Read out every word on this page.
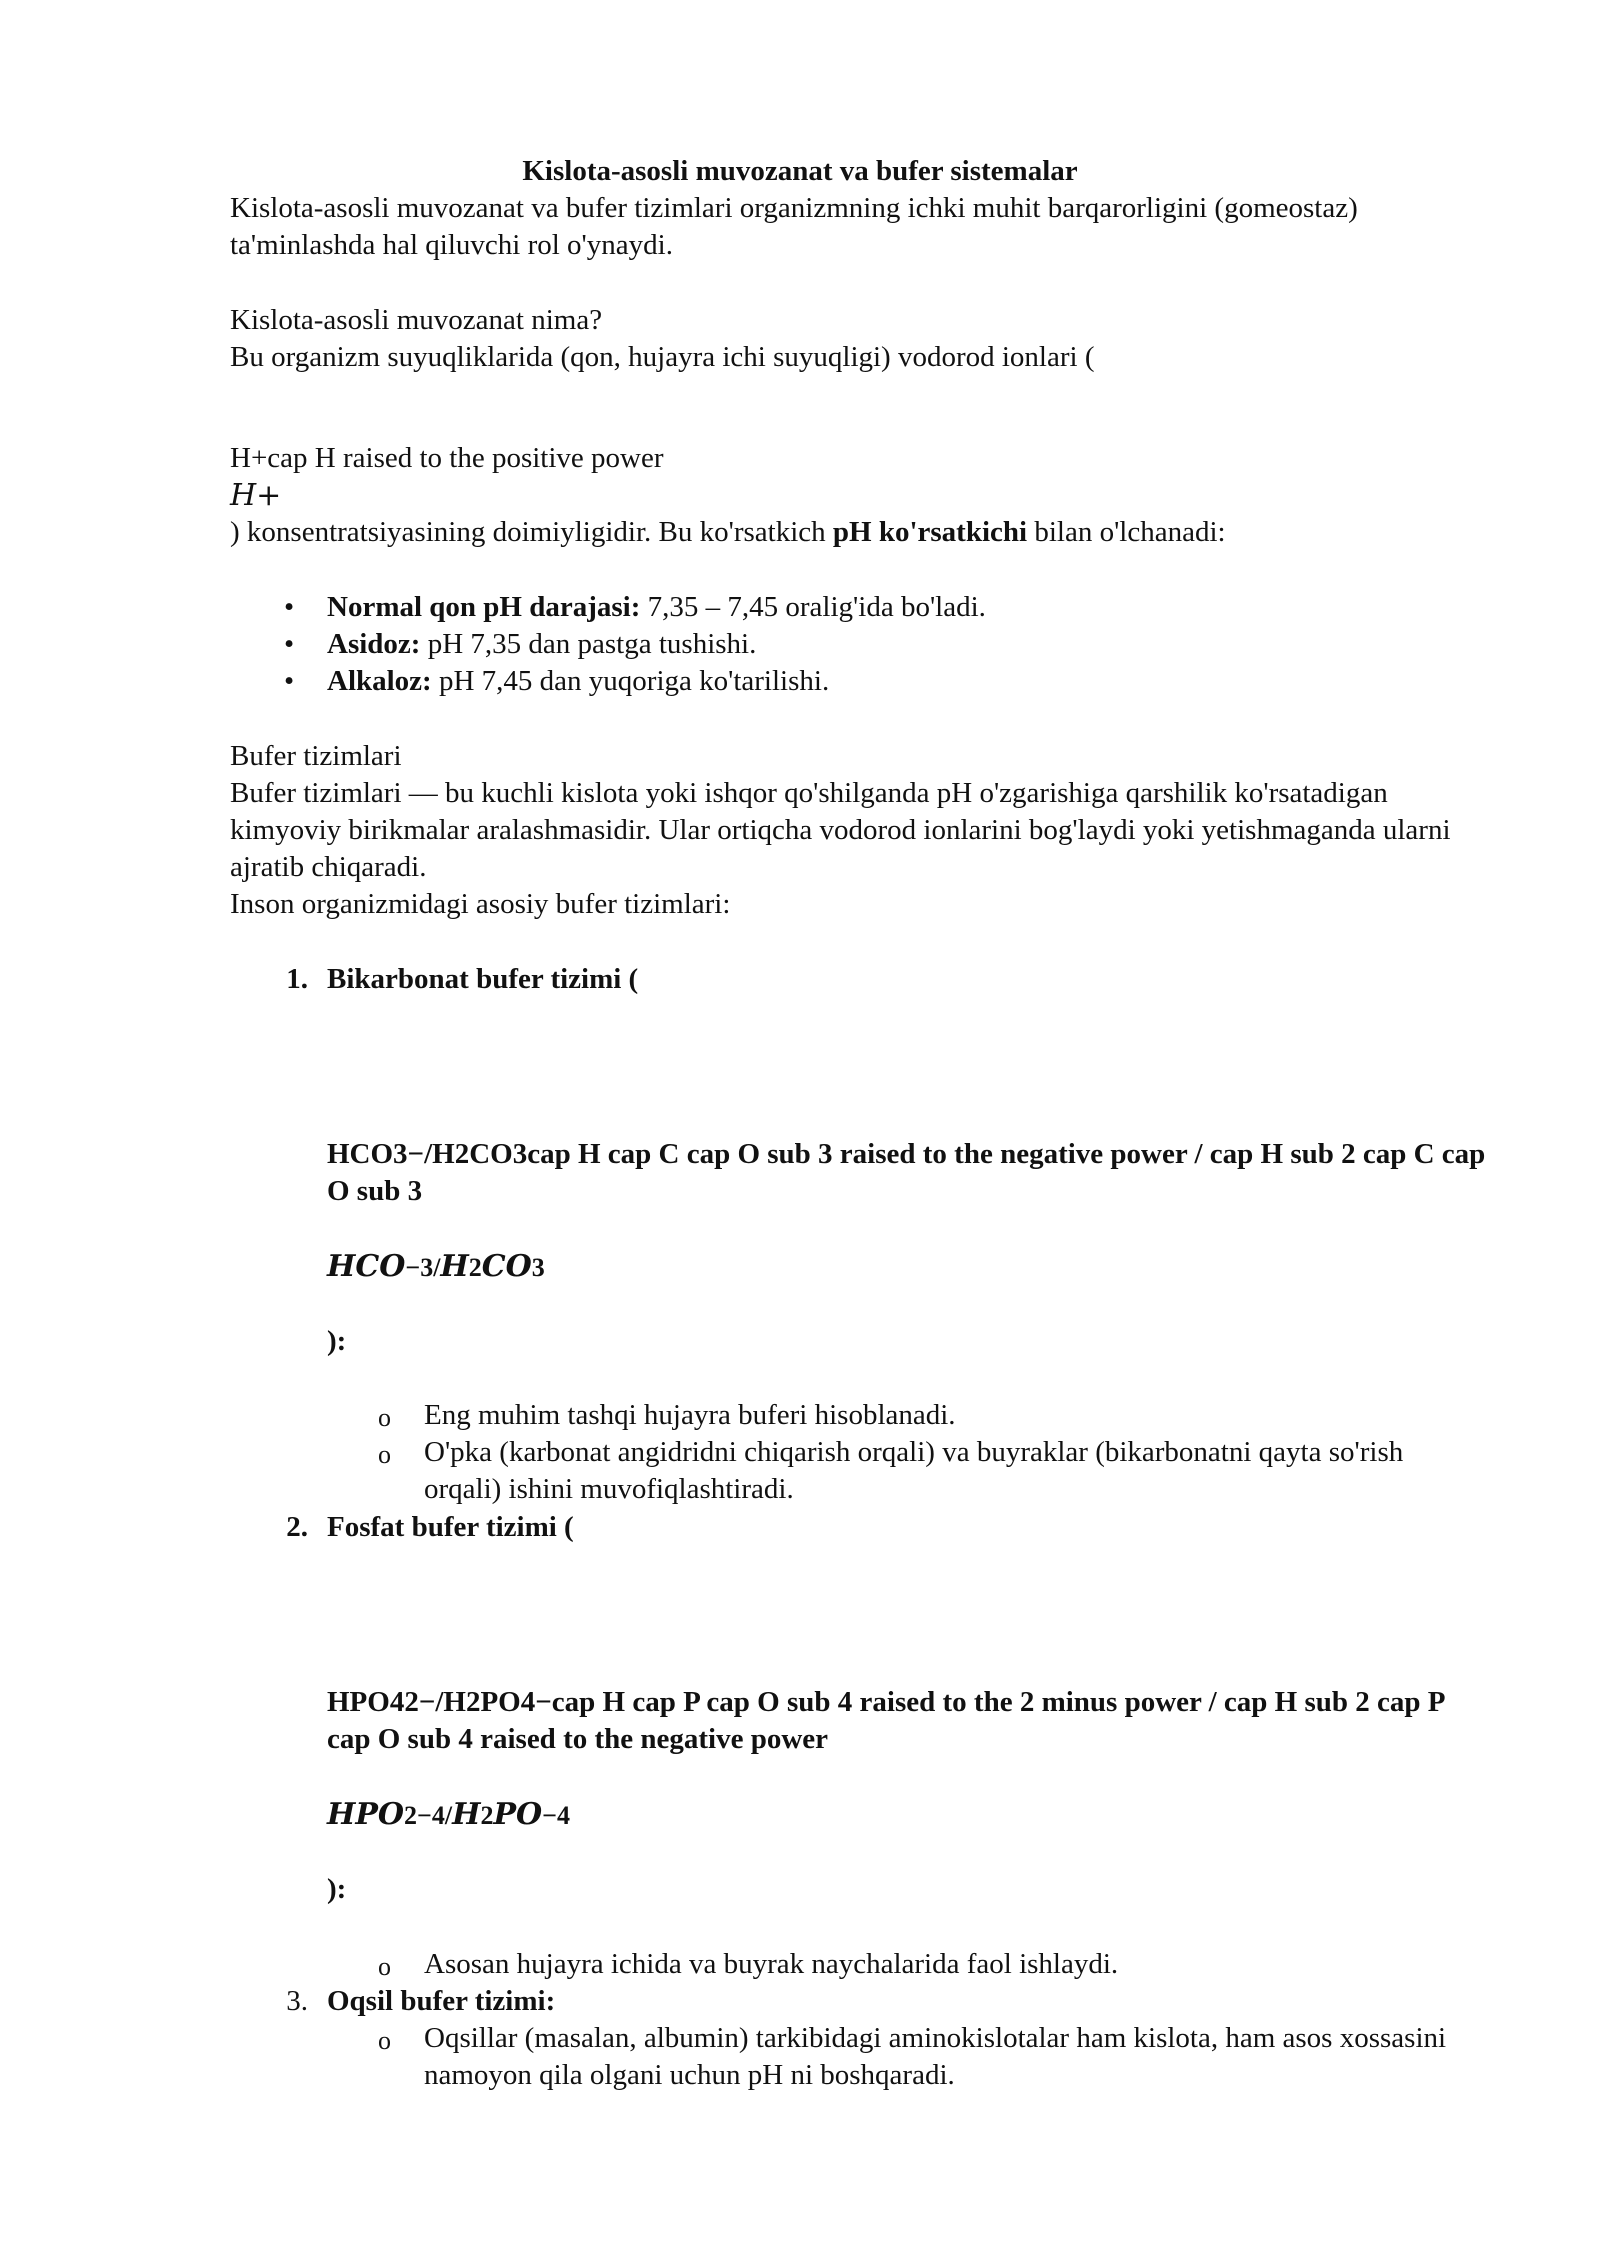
Kislota-asosli muvozanat va bufer sistemalar

Kislota-asosli muvozanat va bufer tizimlari organizmning ichki muhit barqarorligini (gomeostaz) ta'minlashda hal qiluvchi rol o'ynaydi.

Kislota-asosli muvozanat nima?

Bu organizm suyuqliklarida (qon, hujayra ichi suyuqligi) vodorod ionlari (

H+cap H raised to the positive power

H+

) konsentratsiyasining doimiyligidir. Bu ko'rsatkich pH ko'rsatkichi bilan o'lchanadi:

• Normal qon pH darajasi: 7,35 – 7,45 oralig'ida bo'ladi.
• Asidoz: pH 7,35 dan pastga tushishi.
• Alkaloz: pH 7,45 dan yuqoriga ko'tarilishi.

Bufer tizimlari

Bufer tizimlari — bu kuchli kislota yoki ishqor qo'shilganda pH o'zgarishiga qarshilik ko'rsatadigan kimyoviy birikmalar aralashmasidir. Ular ortiqcha vodorod ionlarini bog'laydi yoki yetishmaganda ularni ajratib chiqaradi.

Inson organizmidagi asosiy bufer tizimlari:

1. Bikarbonat bufer tizimi (
HCO3−/H2CO3cap H cap C cap O sub 3 raised to the negative power / cap H sub 2 cap C cap O sub 3
HCO−3/H2CO3
):
o Eng muhim tashqi hujayra buferi hisoblanadi.
o O'pka (karbonat angidridni chiqarish orqali) va buyraklar (bikarbonatni qayta so'rish orqali) ishini muvofiqlashtiradi.
2. Fosfat bufer tizimi (
HPO42−/H2PO4−cap H cap P cap O sub 4 raised to the 2 minus power / cap H sub 2 cap P cap O sub 4 raised to the negative power
HPO2−4/H2PO−4
):
o Asosan hujayra ichida va buyrak naychalarida faol ishlaydi.
3. Oqsil bufer tizimi:
o Oqsillar (masalan, albumin) tarkibidagi aminokislotalar ham kislota, ham asos xossasini namoyon qila olgani uchun pH ni boshqaradi.
